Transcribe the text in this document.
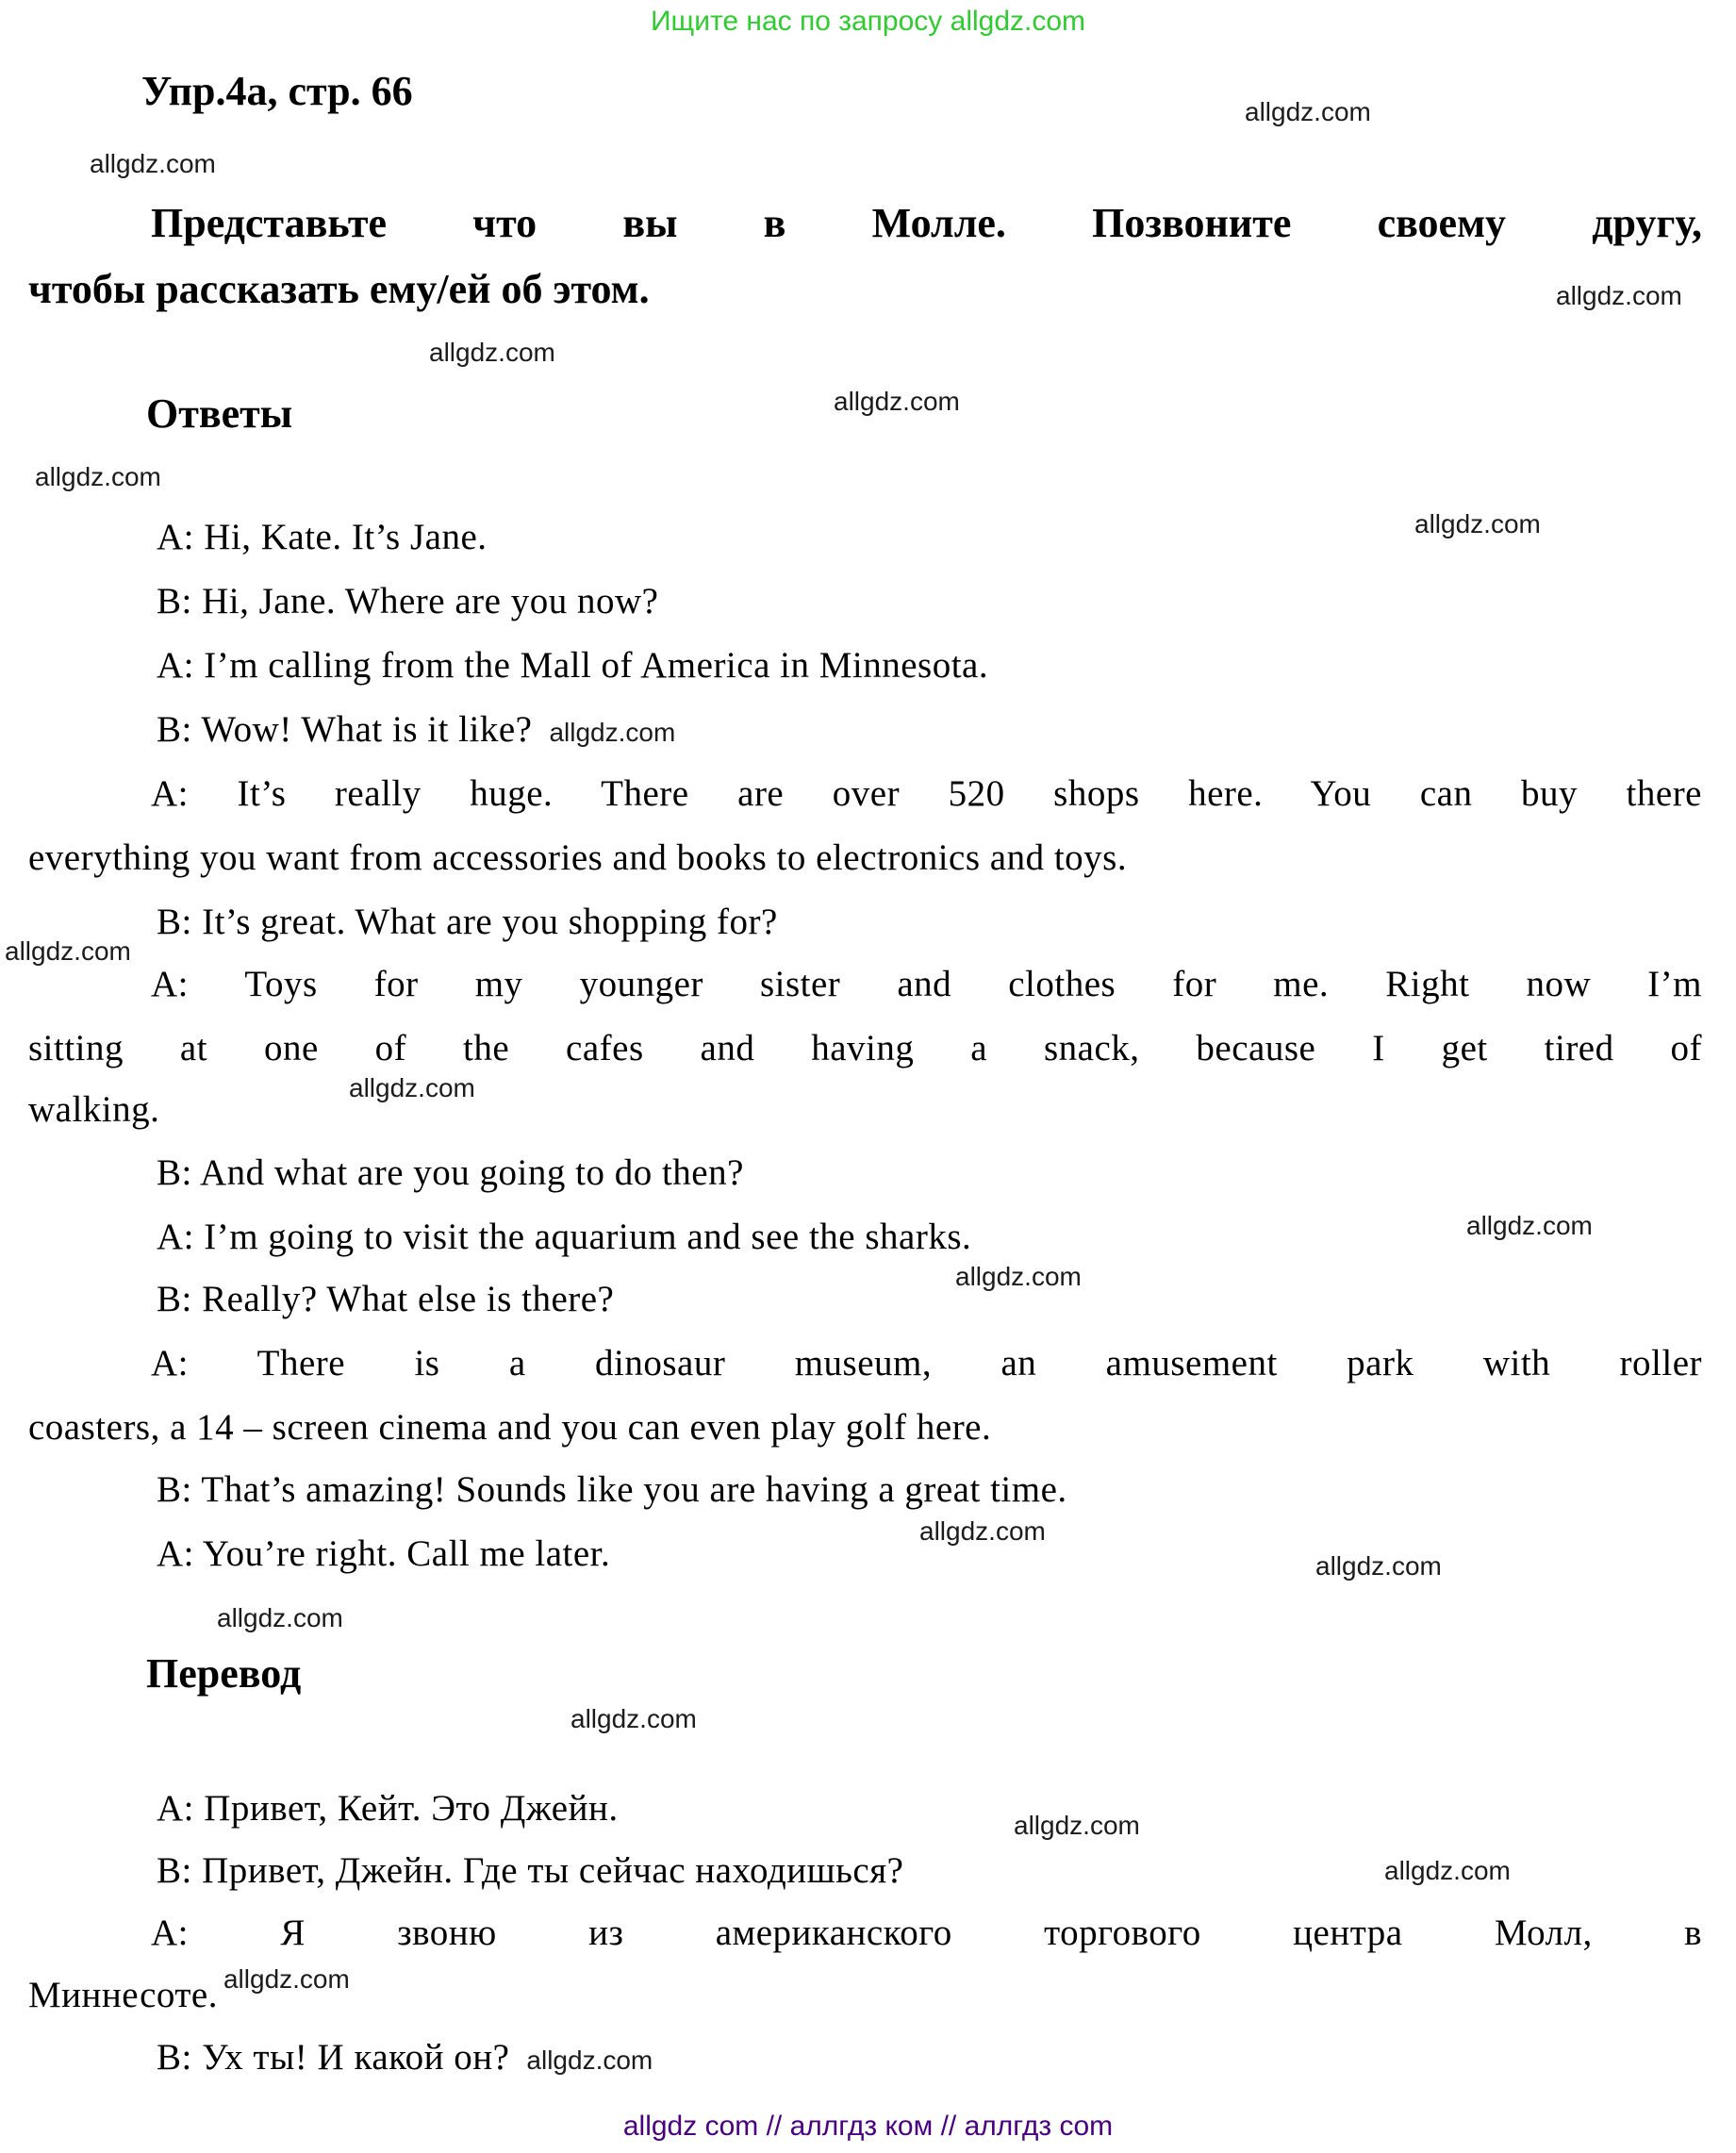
Ищите нас по запросу allgdz.com
Упр.4а, стр. 66	allgdz.com
allgdz.com
Представьте что вы в Молле. Позвоните своему другу,
чтобы рассказать ему/ей об этом.	allgdz.com
allgdz.com
allgdz.com
Ответы
allgdz.com
allgdz.com
A: Hi, Kate. It’s Jane.
B: Hi, Jane. Where are you now?
A: I’m calling from the Mall of America in Minnesota.
B: Wow! What is it like? allgdz.com
A: It’s really huge. There are over 520 shops here. You can buy there
everything you want from accessories and books to electronics and toys.
B: It’s great. What are you shopping for?
allgdz.com
A: Toys for my younger sister and clothes for me. Right now I’m
sitting at one of the cafes and having a snack, because I get tired of
allgdz.com
walking.
B: And what are you going to do then?
A: I’m going to visit the aquarium and see the sharks.	allgdz.com
allgdz.com
B: Really? What else is there?
A: There is a dinosaur museum, an amusement park with roller
coasters, a 14 – screen cinema and you can even play golf here.
B: That’s amazing! Sounds like you are having a great time.
allgdz.com
A: You’re right. Call me later.	allgdz.com
allgdz.com
Перевод
allgdz.com
А: Привет, Кейт. Это Джейн.	allgdz.com
В: Привет, Джейн. Где ты сейчас находишься?	allgdz.com
А: Я звоню из американского торгового центра Молл, в
Миннесоте. allgdz.com
В: Ух ты! И какой он? allgdz.com
allgdz com // аллгдз ком // аллгдз com
